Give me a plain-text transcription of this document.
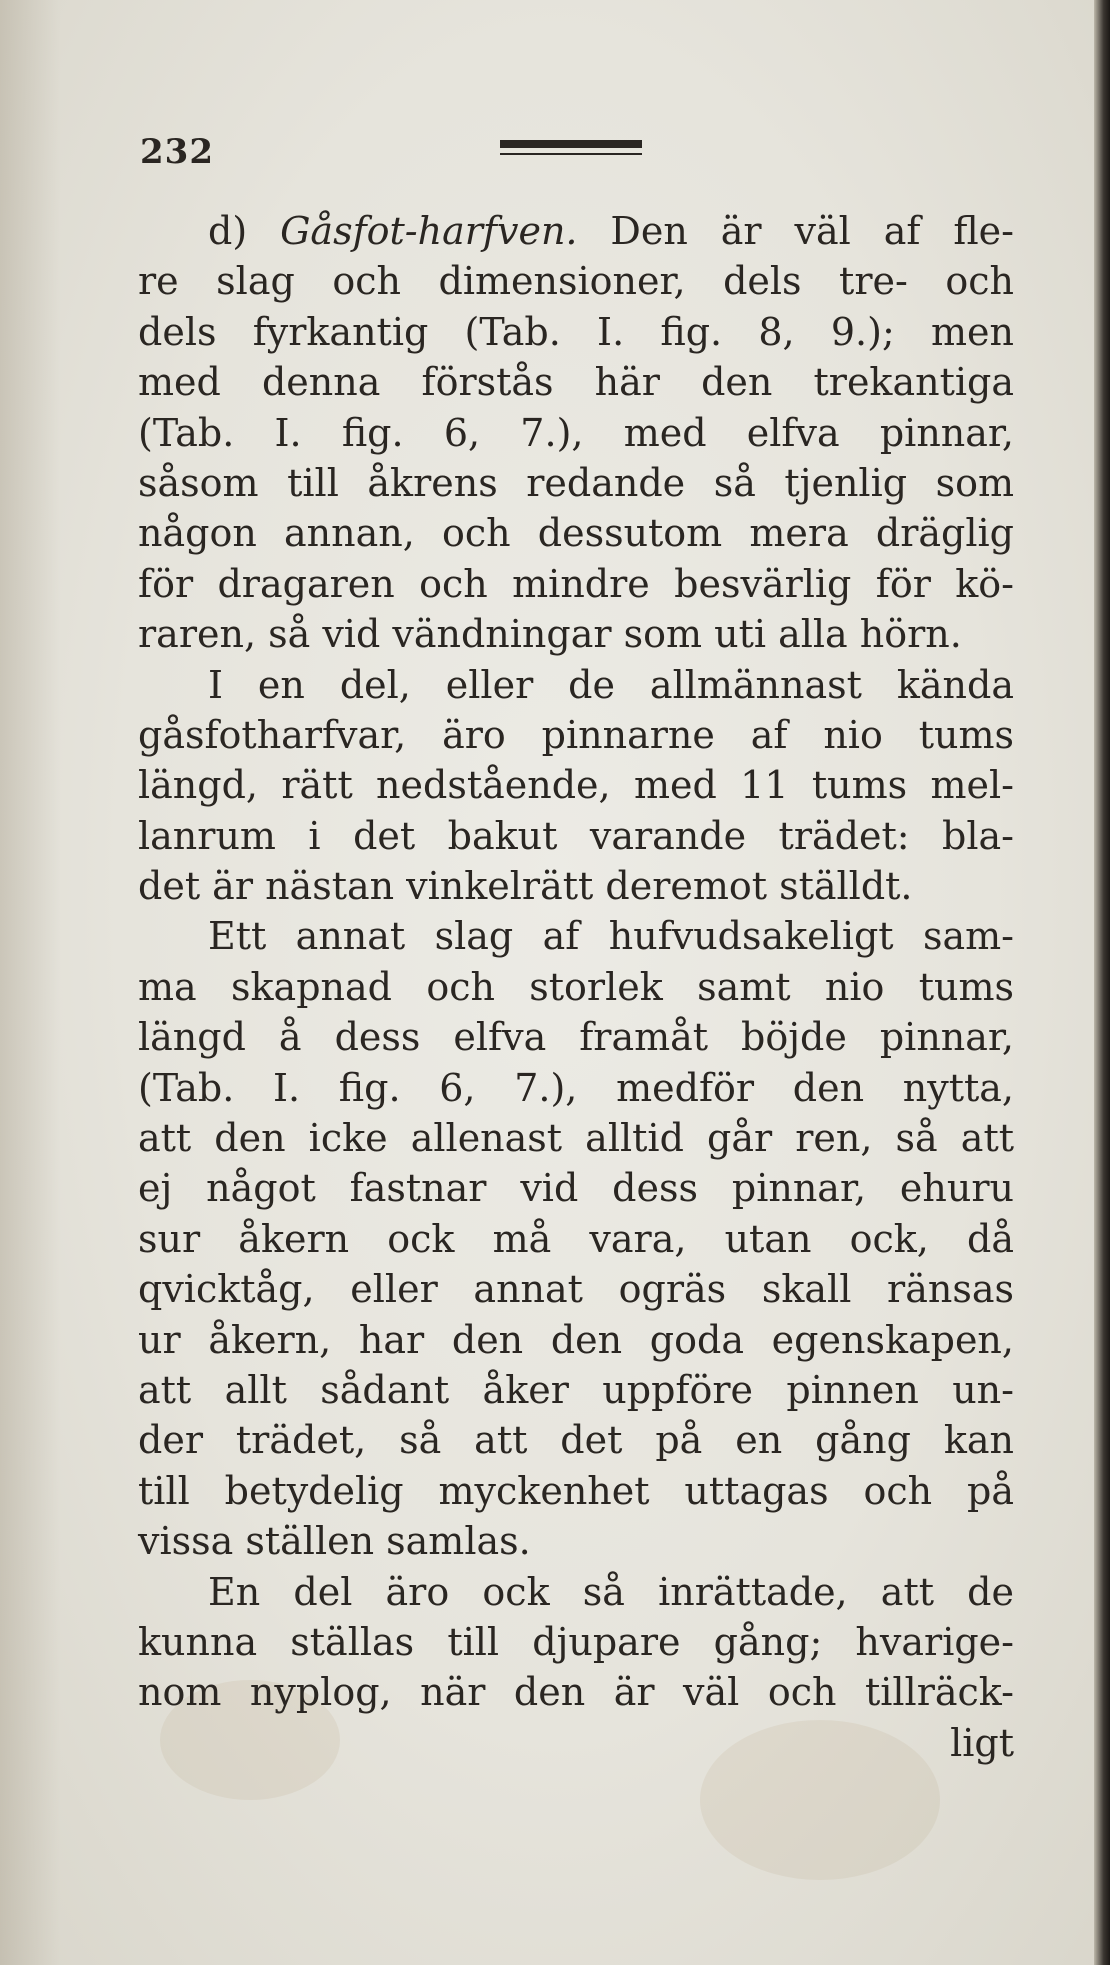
232
d) Gåsfot-harfven. Den är väl af fle-
re slag och dimensioner, dels tre- och
dels fyrkantig (Tab. I. fig. 8, 9.); men
med denna förstås här den trekantiga
(Tab. I. fig. 6, 7.), med elfva pinnar,
såsom till åkrens redande så tjenlig som
någon annan, och dessutom mera dräglig
för dragaren och mindre besvärlig för kö-
raren, så vid vändningar som uti alla hörn.
I en del, eller de allmännast kända
gåsfotharfvar, äro pinnarne af nio tums
längd, rätt nedstående, med 11 tums mel-
lanrum i det bakut varande trädet: bla-
det är nästan vinkelrätt deremot ställdt.
Ett annat slag af hufvudsakeligt sam-
ma skapnad och storlek samt nio tums
längd å dess elfva framåt böjde pinnar,
(Tab. I. fig. 6, 7.), medför den nytta,
att den icke allenast alltid går ren, så att
ej något fastnar vid dess pinnar, ehuru
sur åkern ock må vara, utan ock, då
qvicktåg, eller annat ogräs skall ränsas
ur åkern, har den den goda egenskapen,
att allt sådant åker uppföre pinnen un-
der trädet, så att det på en gång kan
till betydelig myckenhet uttagas och på
vissa ställen samlas.
En del äro ock så inrättade, att de
kunna ställas till djupare gång; hvarige-
nom nyplog, när den är väl och tillräck-
ligt
